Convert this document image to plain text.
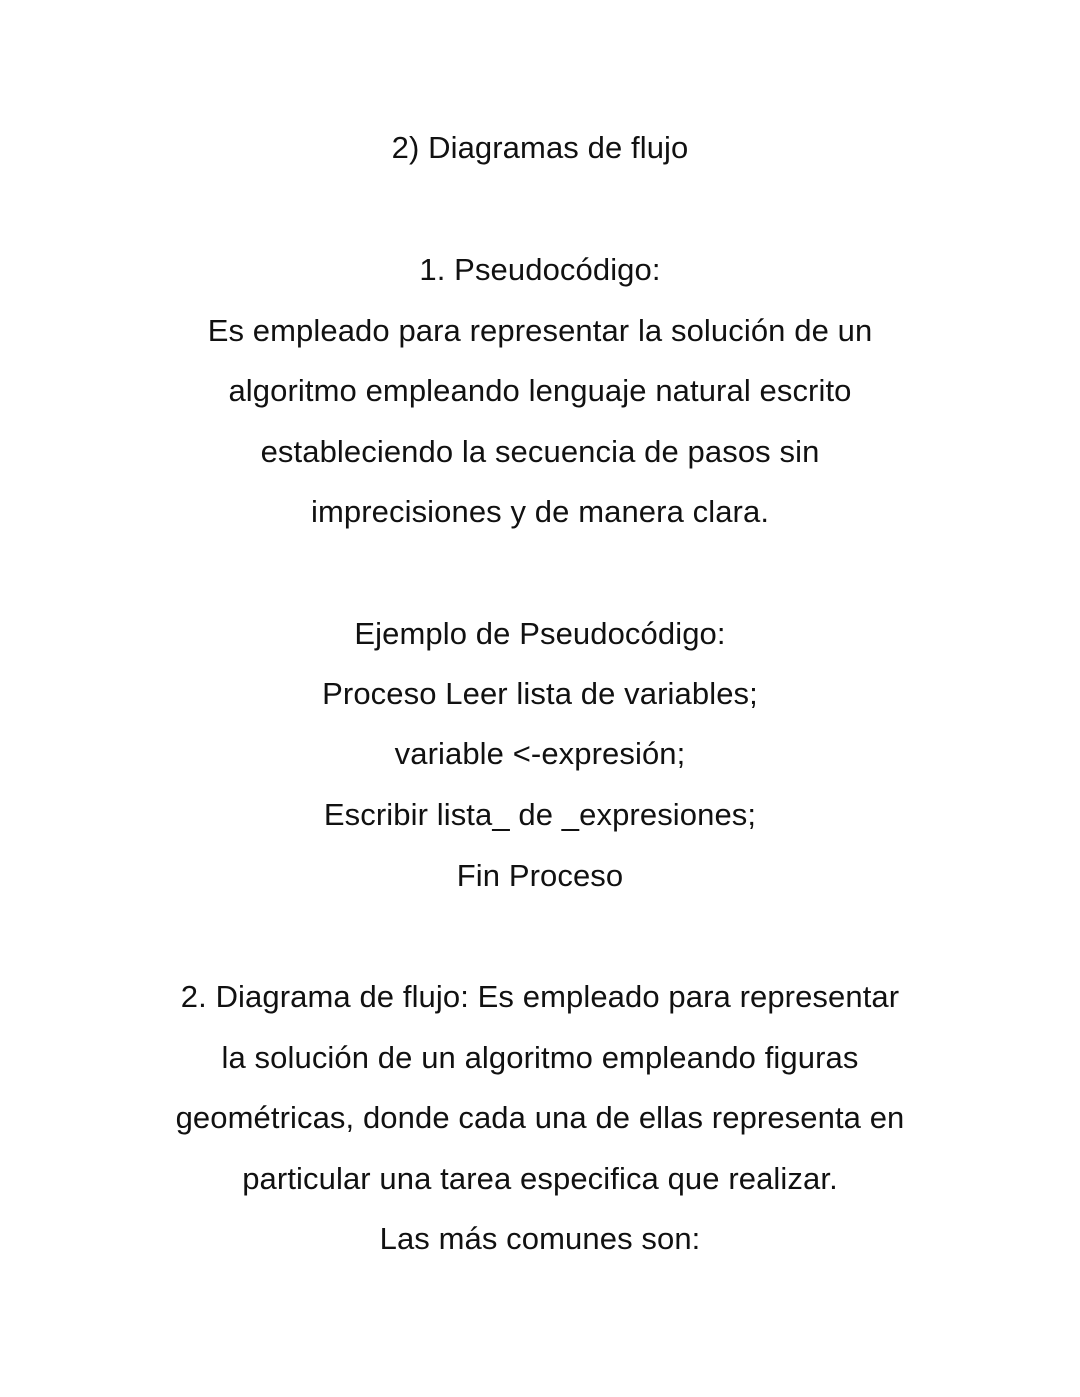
2) Diagramas de flujo
1. Pseudocódigo:
Es empleado para representar la solución de un
algoritmo empleando lenguaje natural escrito
estableciendo la secuencia de pasos sin
imprecisiones y de manera clara.
Ejemplo de Pseudocódigo:
Proceso Leer lista de variables;
variable <-expresión;
Escribir lista_ de _expresiones;
Fin Proceso
2. Diagrama de flujo: Es empleado para representar
la solución de un algoritmo empleando figuras
geométricas, donde cada una de ellas representa en
particular una tarea especifica que realizar.
Las más comunes son:
